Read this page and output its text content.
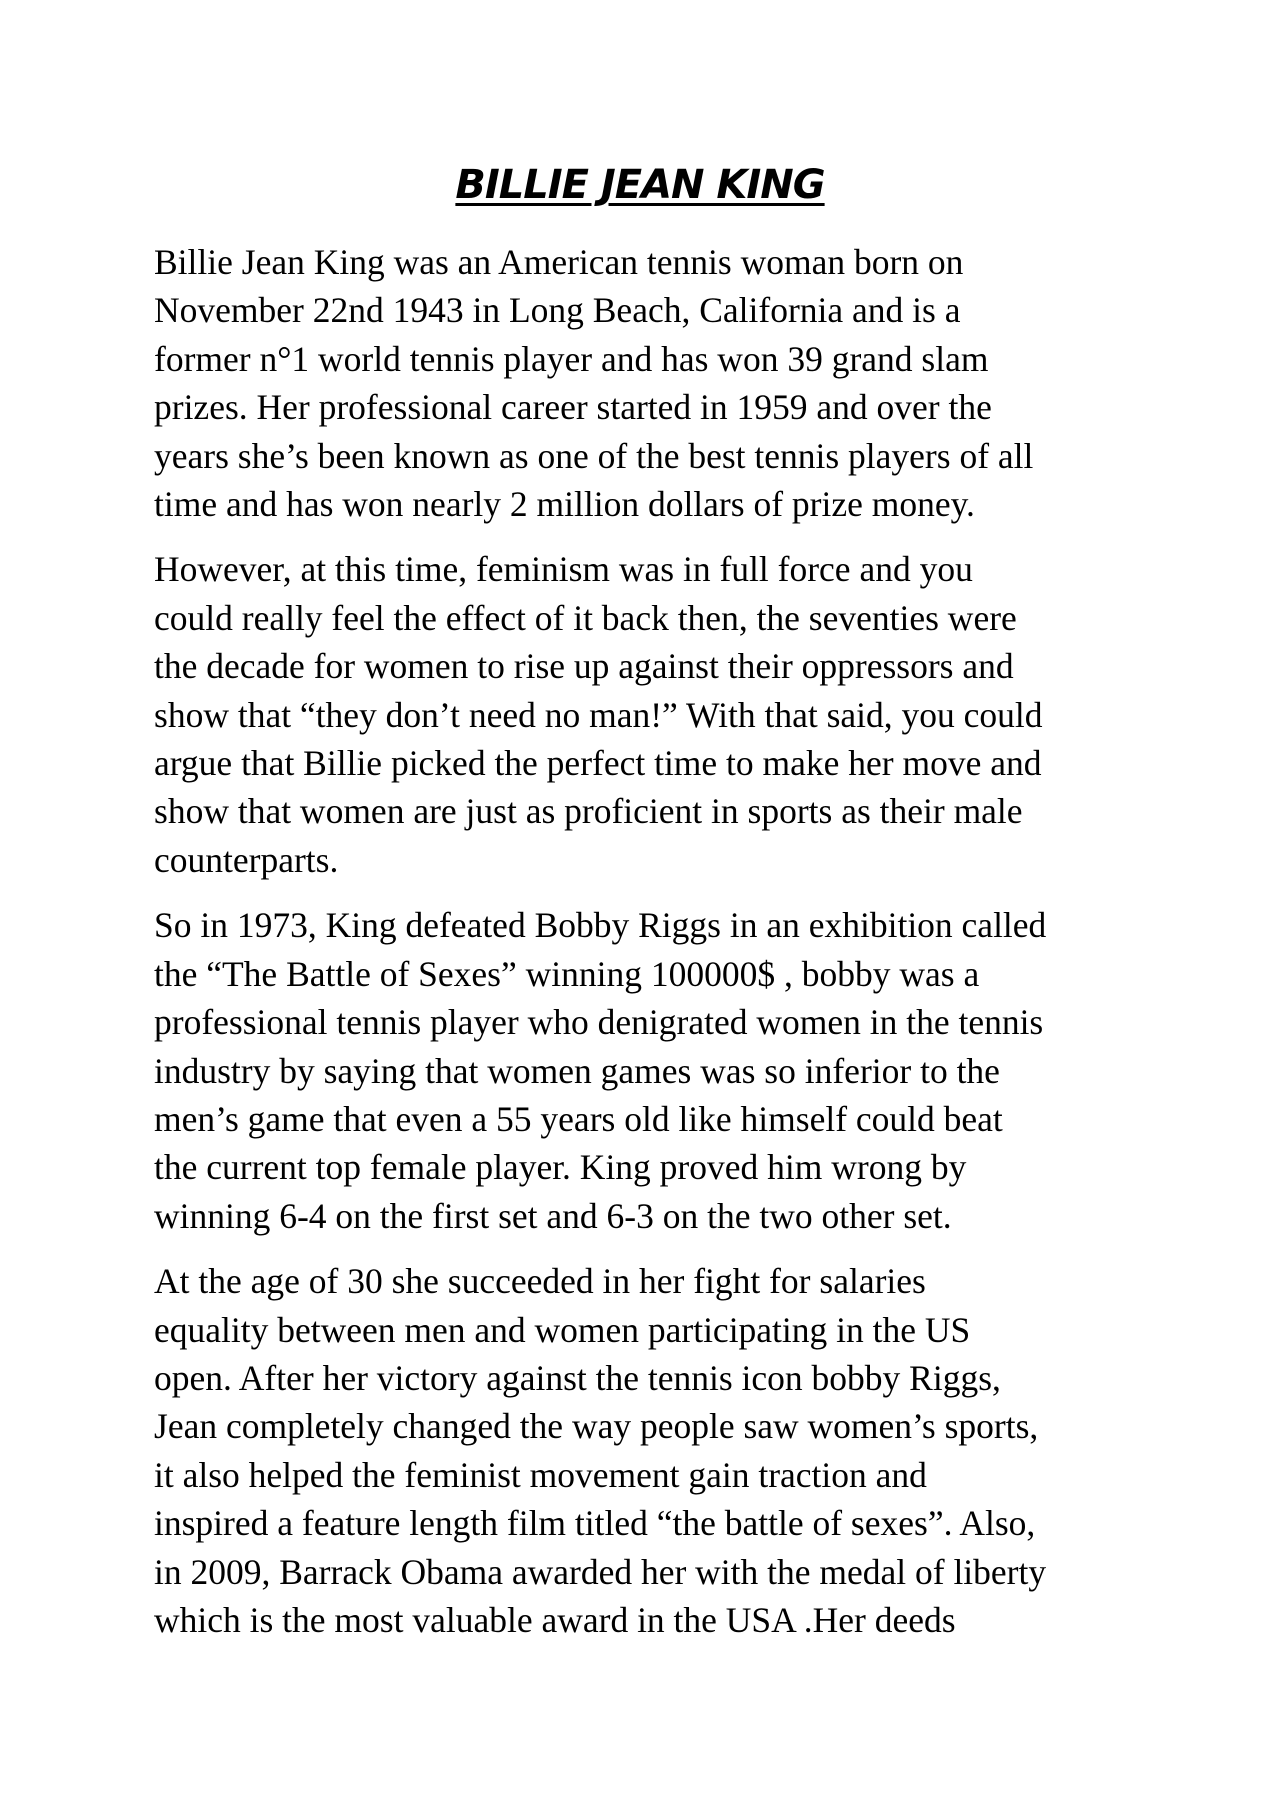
BILLIE JEAN KING

Billie Jean King was an American tennis woman born on
November 22nd 1943 in Long Beach, California and is a
former n°1 world tennis player and has won 39 grand slam
prizes. Her professional career started in 1959 and over the
years she’s been known as one of the best tennis players of all
time and has won nearly 2 million dollars of prize money.

However, at this time, feminism was in full force and you
could really feel the effect of it back then, the seventies were
the decade for women to rise up against their oppressors and
show that “they don’t need no man!” With that said, you could
argue that Billie picked the perfect time to make her move and
show that women are just as proficient in sports as their male
counterparts.

So in 1973, King defeated Bobby Riggs in an exhibition called
the “The Battle of Sexes” winning 100000$ , bobby was a
professional tennis player who denigrated women in the tennis
industry by saying that women games was so inferior to the
men’s game that even a 55 years old like himself could beat
the current top female player. King proved him wrong by
winning 6-4 on the first set and 6-3 on the two other set.

At the age of 30 she succeeded in her fight for salaries
equality between men and women participating in the US
open. After her victory against the tennis icon bobby Riggs,
Jean completely changed the way people saw women’s sports,
it also helped the feminist movement gain traction and
inspired a feature length film titled “the battle of sexes”. Also,
in 2009, Barrack Obama awarded her with the medal of liberty
which is the most valuable award in the USA .Her deeds
